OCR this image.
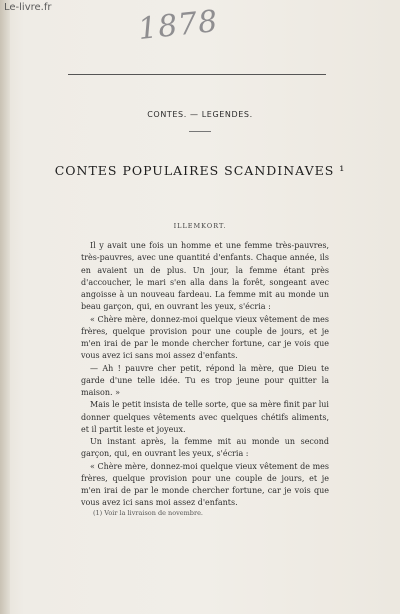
Le-livre.fr	1878
CONTES. — LEGENDES.
CONTES POPULAIRES SCANDINAVES ¹
ILLEMKORT.

Il y avait une fois un homme et une femme très-pauvres, très-pauvres, avec une quantité d'enfants. Chaque année, ils en avaient un de plus. Un jour, la femme étant près d'accoucher, le mari s'en alla dans la forêt, songeant avec angoisse à un nouveau fardeau. La femme mit au monde un beau garçon, qui, en ouvrant les yeux, s'écria :

« Chère mère, donnez-moi quelque vieux vêtement de mes frères, quelque provision pour une couple de jours, et je m'en irai de par le monde chercher fortune, car je vois que vous avez ici sans moi assez d'enfants.

— Ah ! pauvre cher petit, répond la mère, que Dieu te garde d'une telle idée. Tu es trop jeune pour quitter la maison. »

Mais le petit insista de telle sorte, que sa mère finit par lui donner quelques vêtements avec quelques chétifs aliments, et il partit leste et joyeux.

Un instant après, la femme mit au monde un second garçon, qui, en ouvrant les yeux, s'écria :

« Chère mère, donnez-moi quelque vieux vêtement de mes frères, quelque provision pour une couple de jours, et je m'en irai de par le monde chercher fortune, car je vois que vous avez ici sans moi assez d'enfants.

(1) Voir la livraison de novembre.
